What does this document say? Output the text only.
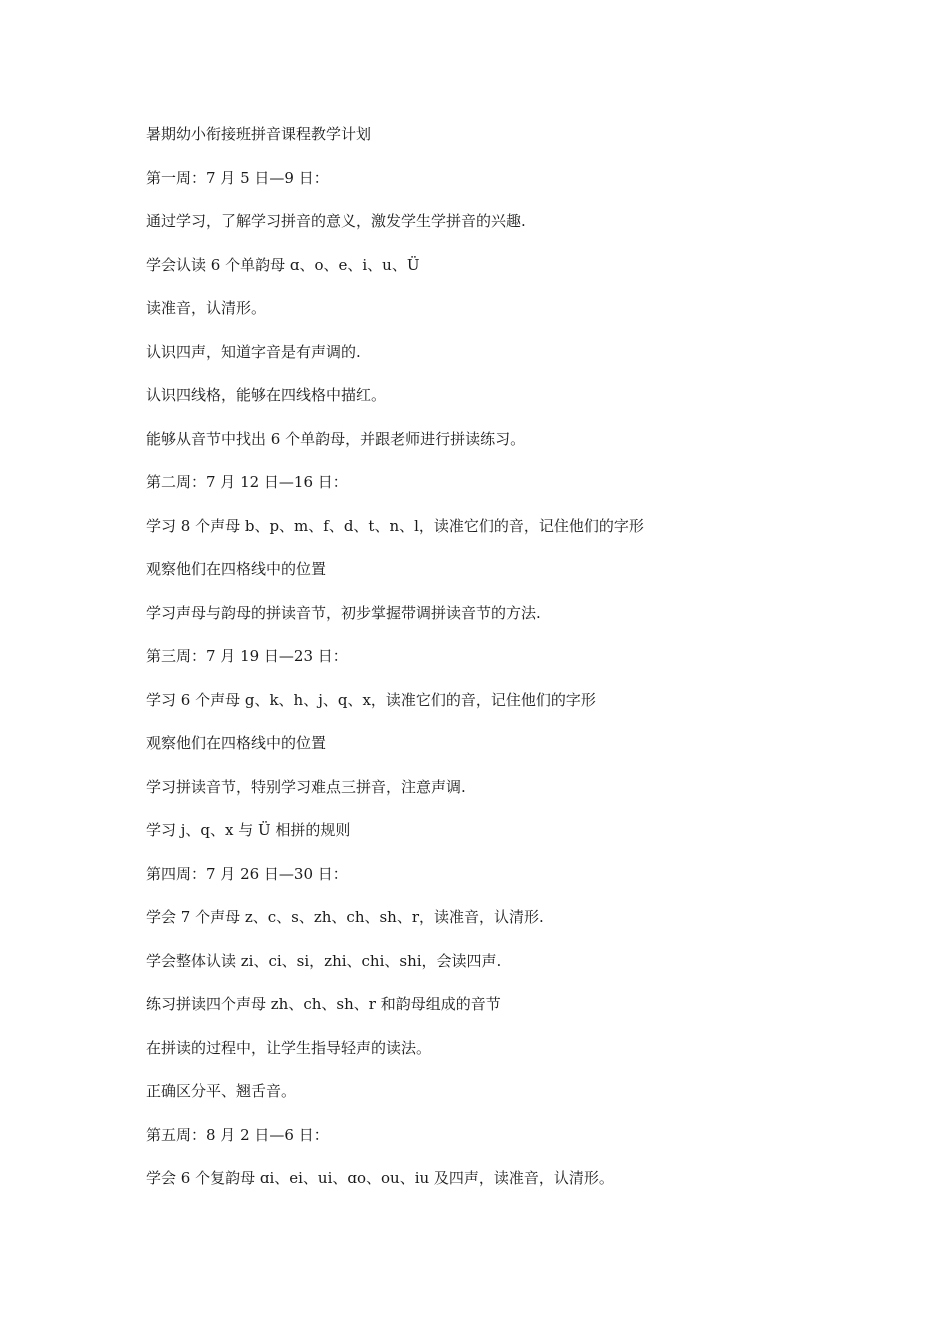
暑期幼小衔接班拼音课程教学计划
第一周：7 月 5 日—9 日：
通过学习，了解学习拼音的意义，激发学生学拼音的兴趣.
学会认读 6 个单韵母 ɑ、o、e、i、u、Ü
读准音，认清形。
认识四声，知道字音是有声调的.
认识四线格，能够在四线格中描红。
能够从音节中找出 6 个单韵母，并跟老师进行拼读练习。
第二周：7 月 12 日—16 日：
学习 8 个声母 b、p、m、f、d、t、n、l，读准它们的音，记住他们的字形
观察他们在四格线中的位置
学习声母与韵母的拼读音节，初步掌握带调拼读音节的方法.
第三周：7 月 19 日—23 日：
学习 6 个声母 g、k、h、j、q、x，读准它们的音，记住他们的字形
观察他们在四格线中的位置
学习拼读音节，特别学习难点三拼音，注意声调.
学习 j、q、x 与 Ü 相拼的规则
第四周：7 月 26 日—30 日：
学会 7 个声母 z、c、s、zh、ch、sh、r，读准音，认清形.
学会整体认读 zi、ci、si，zhi、chi、shi，会读四声.
练习拼读四个声母 zh、ch、sh、r 和韵母组成的音节
在拼读的过程中，让学生指导轻声的读法。
正确区分平、翘舌音。
第五周：8 月 2 日—6 日：
学会 6 个复韵母 ɑi、ei、ui、ɑo、ou、iu 及四声，读准音，认清形。
